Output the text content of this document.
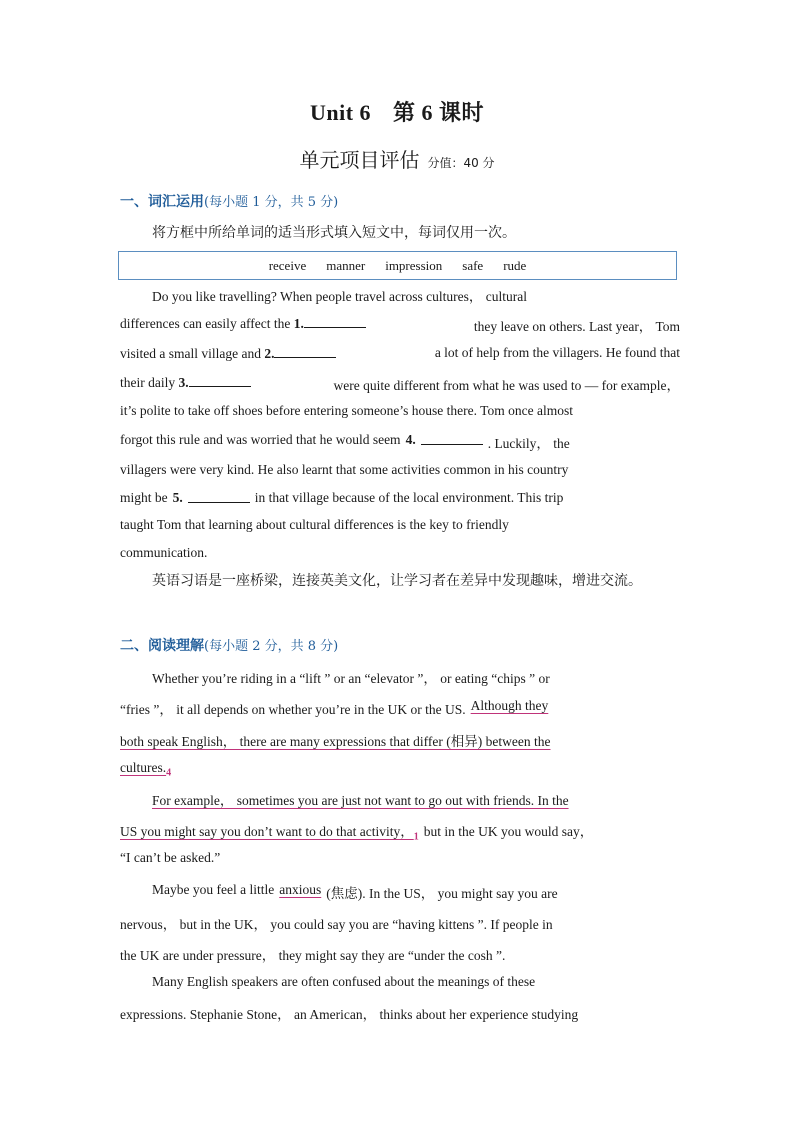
Unit 6 第 6 课时
单元项目评估 分值：40 分
一、词汇运用(每小题 1 分，共 5 分)
将方框中所给单词的适当形式填入短文中，每词仅用一次。
receive manner impression safe rude
Do you like travelling? When people travel across cultures， cultural
differences can easily affect the 1.	they leave on others. Last year， Tom
visited a small village and 2.	a lot of help from the villagers. He found that
their daily 3.	were quite different from what he was used to — for example，
it’s polite to take off shoes before entering someone’s house there. Tom once almost
forgot this rule and was worried that he would seem 4.	. Luckily， the
villagers were very kind. He also learnt that some activities common in his country
might be 5.	in that village because of the local environment. This trip
taught Tom that learning about cultural differences is the key to friendly
communication.
英语习语是一座桥梁，连接英美文化，让学习者在差异中发现趣味，增进交流。
二、阅读理解(每小题 2 分，共 8 分)
Whether you’re riding in a “lift ” or an “elevator ”， or eating “chips ” or
“fries ”， it all depends on whether you’re in the UK or the US. Although they
both speak English， there are many expressions that differ (相异) between the
$cultures._4$
For example， sometimes you are just not want to go out with friends. In the
US you might say you don’t want to do that activity，$_1$ but in the UK you would say，
“I can’t be asked.”
Maybe you feel a little anxious (焦虑). In the US， you might say you are
nervous， but in the UK， you could say you are “having kittens ”. If people in
the UK are under pressure， they might say they are “under the cosh ”.
Many English speakers are often confused about the meanings of these
expressions. Stephanie Stone， an American， thinks about her experience studying
